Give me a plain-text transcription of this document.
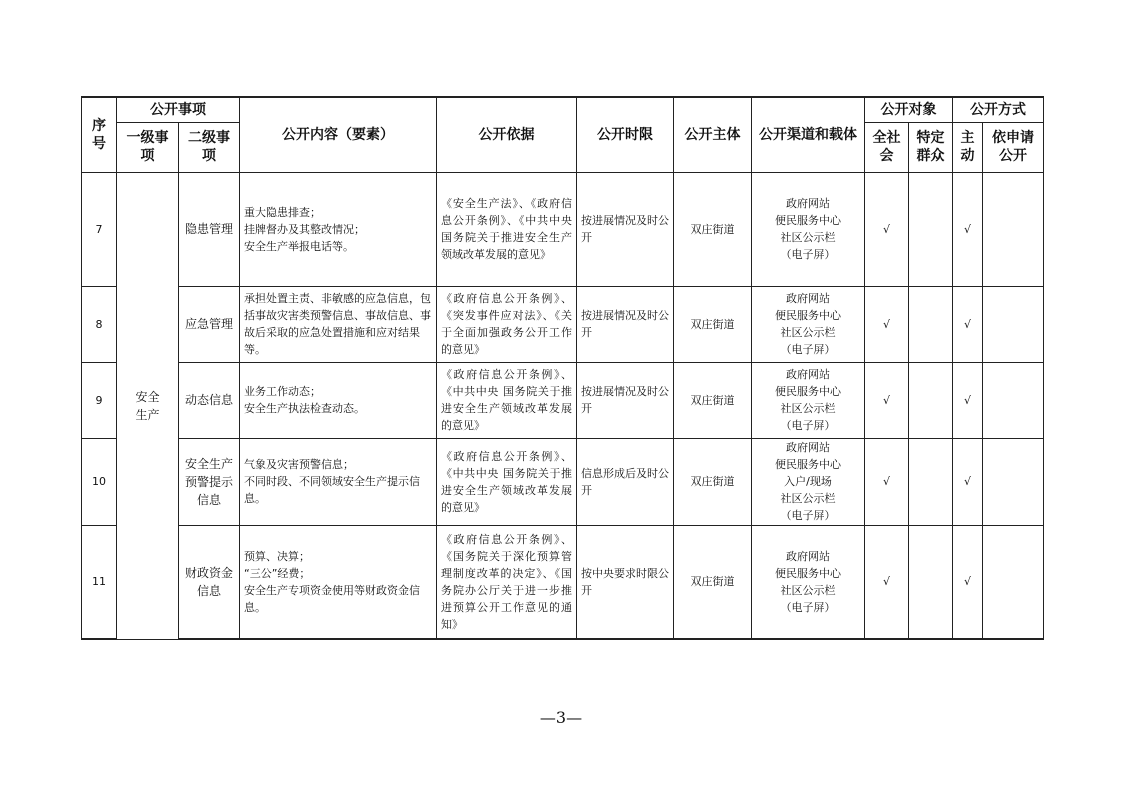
序号	公开事项		公开内容（要素）	公开依据	公开时限	公开主体	公开渠道和载体	公开对象		公开方式	
	一级事项	二级事项						全社会	特定群众	主动	依申请公开
7	安全生产	隐患管理	重大隐患排查；
挂牌督办及其整改情况；
安全生产举报电话等。	《安全生产法》、《政府信息公开条例》、《中共中央 国务院关于推进安全生产领域改革发展的意见》	按进展情况及时公开	双庄街道	政府网站
便民服务中心
社区公示栏
（电子屏）	√		√	
8		应急管理	承担处置主责、非敏感的应急信息，包括事故灾害类预警信息、事故信息、事故后采取的应急处置措施和应对结果等。	《政府信息公开条例》、《突发事件应对法》、《关于全面加强政务公开工作的意见》	按进展情况及时公开	双庄街道	政府网站
便民服务中心
社区公示栏
（电子屏）	√		√	
9		动态信息	业务工作动态；
安全生产执法检查动态。	《政府信息公开条例》、《中共中央 国务院关于推进安全生产领域改革发展的意见》	按进展情况及时公开	双庄街道	政府网站
便民服务中心
社区公示栏
（电子屏）	√		√	
10		安全生产预警提示信息	气象及灾害预警信息；
不同时段、不同领域安全生产提示信息。	《政府信息公开条例》、《中共中央 国务院关于推进安全生产领域改革发展的意见》	信息形成后及时公开	双庄街道	政府网站
便民服务中心
入户/现场
社区公示栏
（电子屏）	√		√	
11		财政资金信息	预算、决算；
“三公”经费；
安全生产专项资金使用等财政资金信息。	《政府信息公开条例》、《国务院关于深化预算管理制度改革的决定》、《国务院办公厅关于进一步推进预算公开工作意见的通知》	按中央要求时限公开	双庄街道	政府网站
便民服务中心
社区公示栏
（电子屏）	√		√	
—3—
